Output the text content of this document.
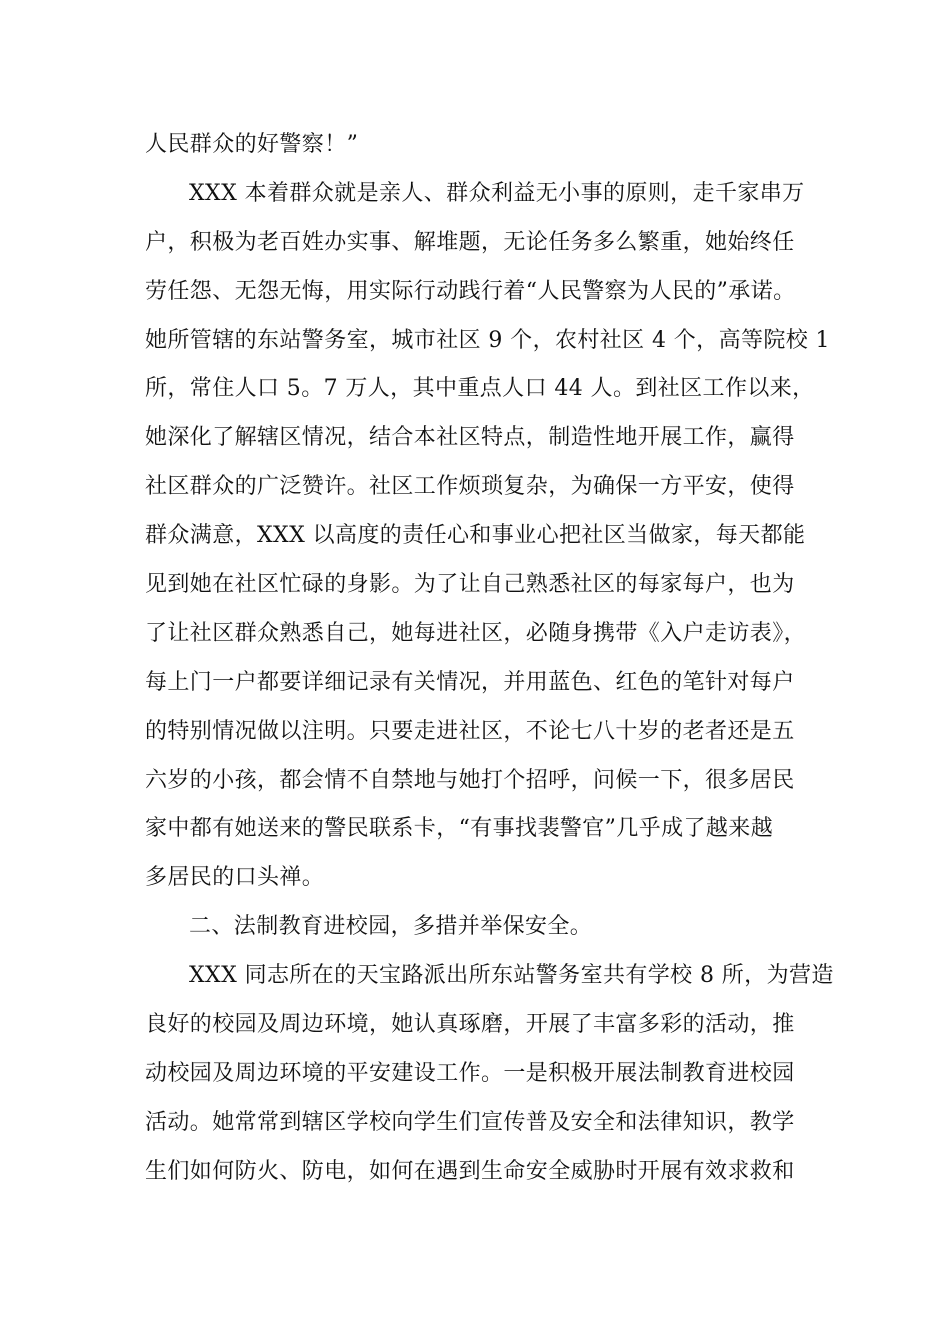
人民群众的好警察！”
XXX 本着群众就是亲人、群众利益无小事的原则，走千家串万
户，积极为老百姓办实事、解堆题，无论任务多么繁重，她始终任
劳任怨、无怨无悔，用实际行动践行着“人民警察为人民的”承诺。
她所管辖的东站警务室，城市社区 9 个，农村社区 4 个，高等院校 1
所，常住人口 5。7 万人，其中重点人口 44 人。到社区工作以来，
她深化了解辖区情况，结合本社区特点，制造性地开展工作，赢得
社区群众的广泛赞许。社区工作烦琐复杂，为确保一方平安，使得
群众满意，XXX 以高度的责任心和事业心把社区当做家，每天都能
见到她在社区忙碌的身影。为了让自己熟悉社区的每家每户，也为
了让社区群众熟悉自己，她每进社区，必随身携带《入户走访表》，
每上门一户都要详细记录有关情况，并用蓝色、红色的笔针对每户
的特别情况做以注明。只要走进社区，不论七八十岁的老者还是五
六岁的小孩，都会情不自禁地与她打个招呼，问候一下，很多居民
家中都有她送来的警民联系卡，“有事找裴警官”几乎成了越来越
多居民的口头禅。
二、法制教育进校园，多措并举保安全。
XXX 同志所在的天宝路派出所东站警务室共有学校 8 所，为营造
良好的校园及周边环境，她认真琢磨，开展了丰富多彩的活动，推
动校园及周边环境的平安建设工作。一是积极开展法制教育进校园
活动。她常常到辖区学校向学生们宣传普及安全和法律知识，教学
生们如何防火、防电，如何在遇到生命安全威胁时开展有效求救和
